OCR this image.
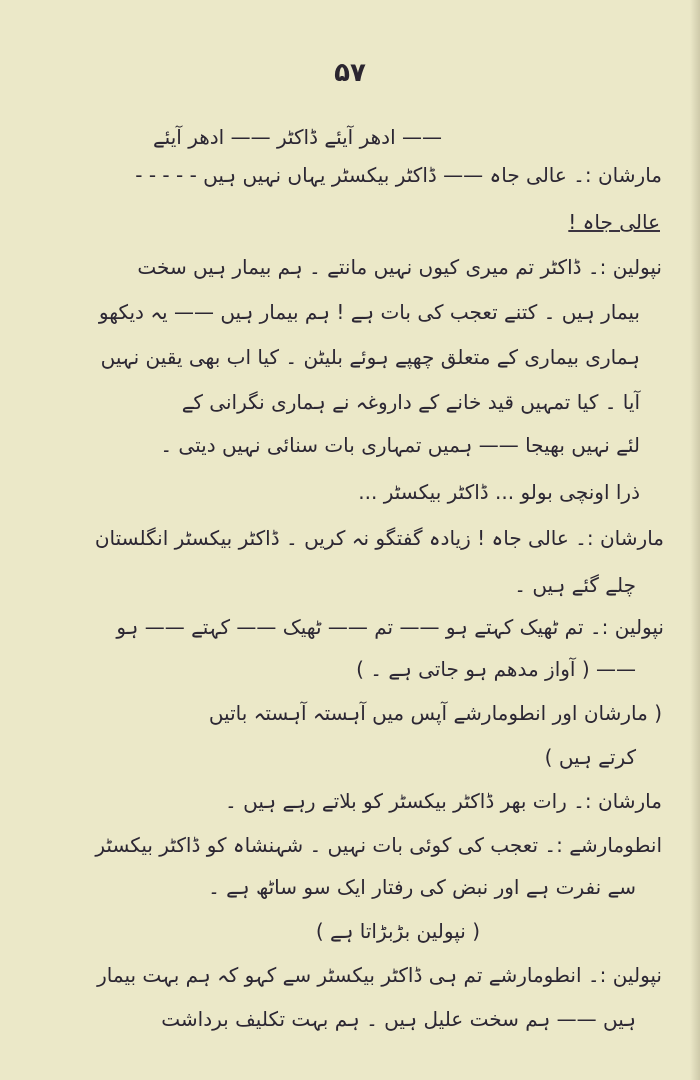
۵۷
—— ادھر آیئے ڈاکٹر —— ادھر آیئے
مارشان :۔ عالی جاہ —— ڈاکٹر بیکسٹر یہاں نہیں ہیں - - - - -
عالی جاہ !
نپولین :۔ ڈاکٹر تم میری کیوں نہیں مانتے ۔ ہم بیمار ہیں سخت
بیمار ہیں ۔ کتنے تعجب کی بات ہے ! ہم بیمار ہیں —— یہ دیکھو
ہماری بیماری کے متعلق چھپے ہوئے بلیٹن ۔ کیا اب بھی یقین نہیں
آیا ۔ کیا تمہیں قید خانے کے داروغہ نے ہماری نگرانی کے
لئے نہیں بھیجا —— ہمیں تمہاری بات سنائی نہیں دیتی ۔
ذرا اونچی بولو ... ڈاکٹر بیکسٹر ...
مارشان :۔ عالی جاہ ! زیادہ گفتگو نہ کریں ۔ ڈاکٹر بیکسٹر انگلستان
چلے گئے ہیں ۔
نپولین :۔ تم ٹھیک کہتے ہو —— تم —— ٹھیک —— کہتے —— ہو
—— ( آواز مدھم ہو جاتی ہے ۔ )
( مارشان اور انطومارشے آپس میں آہستہ آہستہ باتیں
کرتے ہیں )
مارشان :۔ رات بھر ڈاکٹر بیکسٹر کو بلاتے رہے ہیں ۔
انطومارشے :۔ تعجب کی کوئی بات نہیں ۔ شہنشاہ کو ڈاکٹر بیکسٹر
سے نفرت ہے اور نبض کی رفتار ایک سو ساٹھ ہے ۔
( نپولین بڑبڑاتا ہے )
نپولین :۔ انطومارشے تم ہی ڈاکٹر بیکسٹر سے کہو کہ ہم بہت بیمار
ہیں —— ہم سخت علیل ہیں ۔ ہم بہت تکلیف برداشت
